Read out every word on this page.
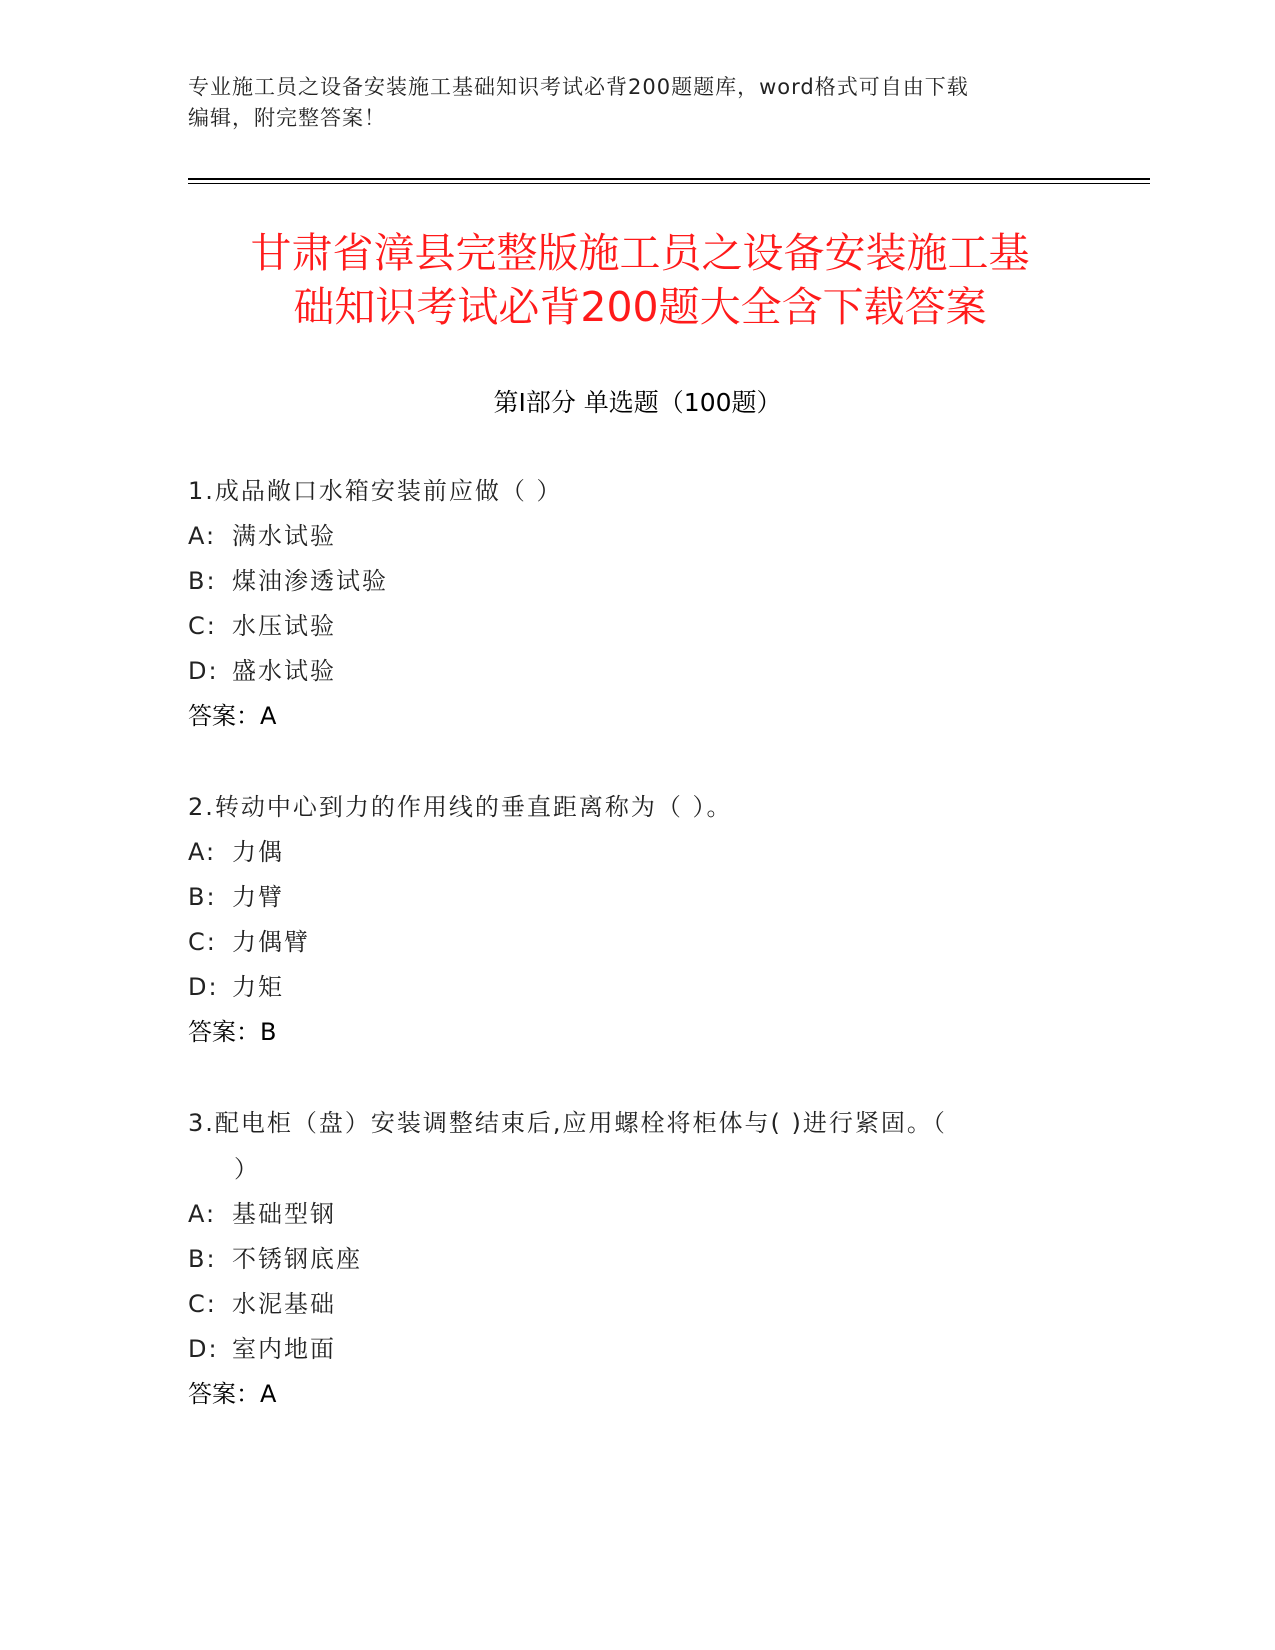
专业施工员之设备安装施工基础知识考试必背200题题库，word格式可自由下载
编辑，附完整答案！
甘肃省漳县完整版施工员之设备安装施工基
础知识考试必背200题大全含下载答案
第Ⅰ部分 单选题（100题）
1.成品敞口水箱安装前应做（ ）
A: 满水试验
B: 煤油渗透试验
C: 水压试验
D: 盛水试验
答案：A
2.转动中心到力的作用线的垂直距离称为（ ）。
A: 力偶
B: 力臂
C: 力偶臂
D: 力矩
答案：B
3.配电柜（盘）安装调整结束后,应用螺栓将柜体与( )进行紧固。（
）
A: 基础型钢
B: 不锈钢底座
C: 水泥基础
D: 室内地面
答案：A
